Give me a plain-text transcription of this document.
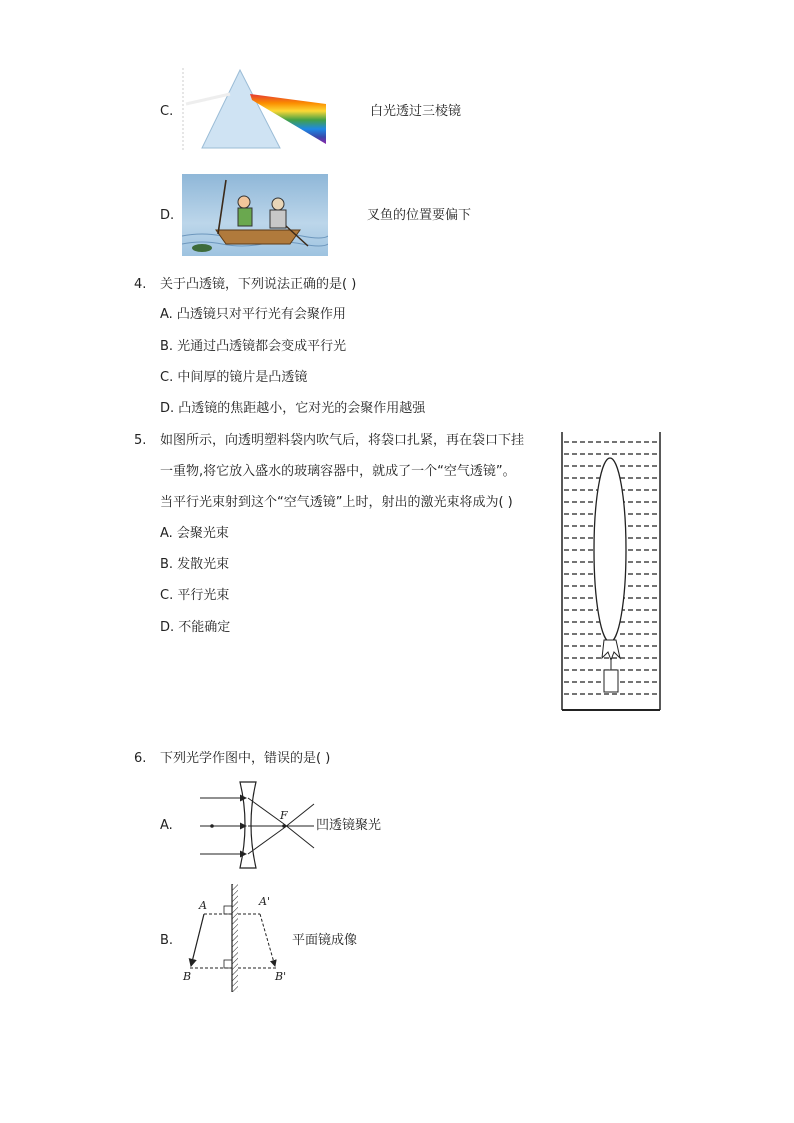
C.	白光透过三棱镜
D.	叉鱼的位置要偏下
4. 关于凸透镜，下列说法正确的是( )
A. 凸透镜只对平行光有会聚作用
B. 光通过凸透镜都会变成平行光
C. 中间厚的镜片是凸透镜
D. 凸透镜的焦距越小，它对光的会聚作用越强
5. 如图所示，向透明塑料袋内吹气后，将袋口扎紧，再在袋口下挂
一重物,将它放入盛水的玻璃容器中，就成了一个“空气透镜”。
当平行光束射到这个“空气透镜”上时，射出的激光束将成为( )
A. 会聚光束
B. 发散光束
C. 平行光束
D. 不能确定
6. 下列光学作图中，错误的是( )
A.
F
凹透镜聚光
B.
A	A'
B	B'
平面镜成像
